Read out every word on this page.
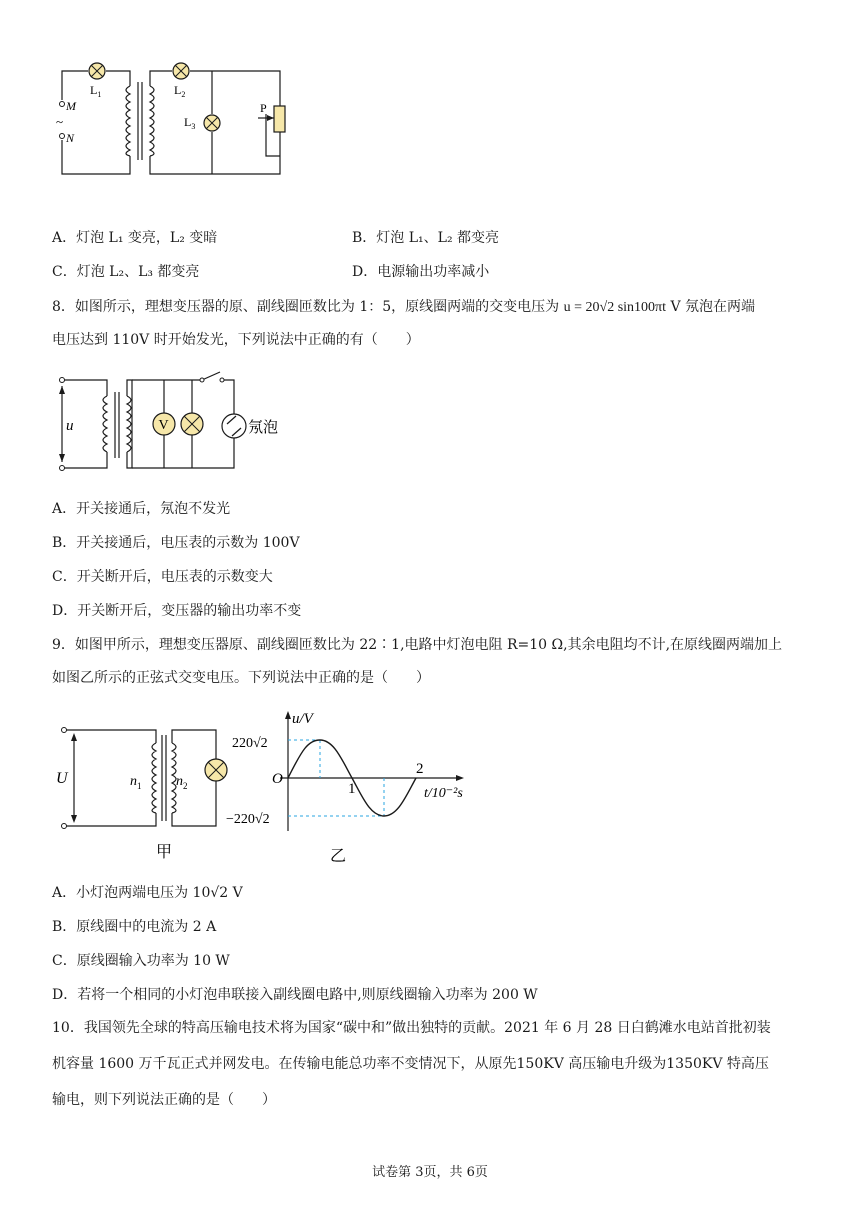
M
~
N
$L_1$	$L_2$
$L_3$
P
A．灯泡 L₁ 变亮，L₂ 变暗	B．灯泡 L₁、L₂ 都变亮
C．灯泡 L₂、L₃ 都变亮	D．电源输出功率减小
8．如图所示，理想变压器的原、副线圈匝数比为 1：5，原线圈两端的交变电压为 u = 20√2 sin100πt V 氖泡在两端
电压达到 110V 时开始发光，下列说法中正确的有（　　）
V	氖泡
u
A．开关接通后，氖泡不发光
B．开关接通后，电压表的示数为 100V
C．开关断开后，电压表的示数变大
D．开关断开后，变压器的输出功率不变
9．如图甲所示，理想变压器原、副线圈匝数比为 22∶1,电路中灯泡电阻 R=10 Ω,其余电阻均不计,在原线圈两端加上
如图乙所示的正弦式交变电压。下列说法中正确的是（　　）
U	$n_1$ $n_2$
甲
u/V
220√2
−220√2
O
1
2
t/10⁻²s
乙
A．小灯泡两端电压为 10√2 V
B．原线圈中的电流为 2 A
C．原线圈输入功率为 10 W
D．若将一个相同的小灯泡串联接入副线圈电路中,则原线圈输入功率为 200 W
10．我国领先全球的特高压输电技术将为国家“碳中和”做出独特的贡献。2021 年 6 月 28 日白鹤滩水电站首批初装
机容量 1600 万千瓦正式并网发电。在传输电能总功率不变情况下，从原先150KV 高压输电升级为1350KV 特高压
输电，则下列说法正确的是（　　）
试卷第 3页，共 6页
